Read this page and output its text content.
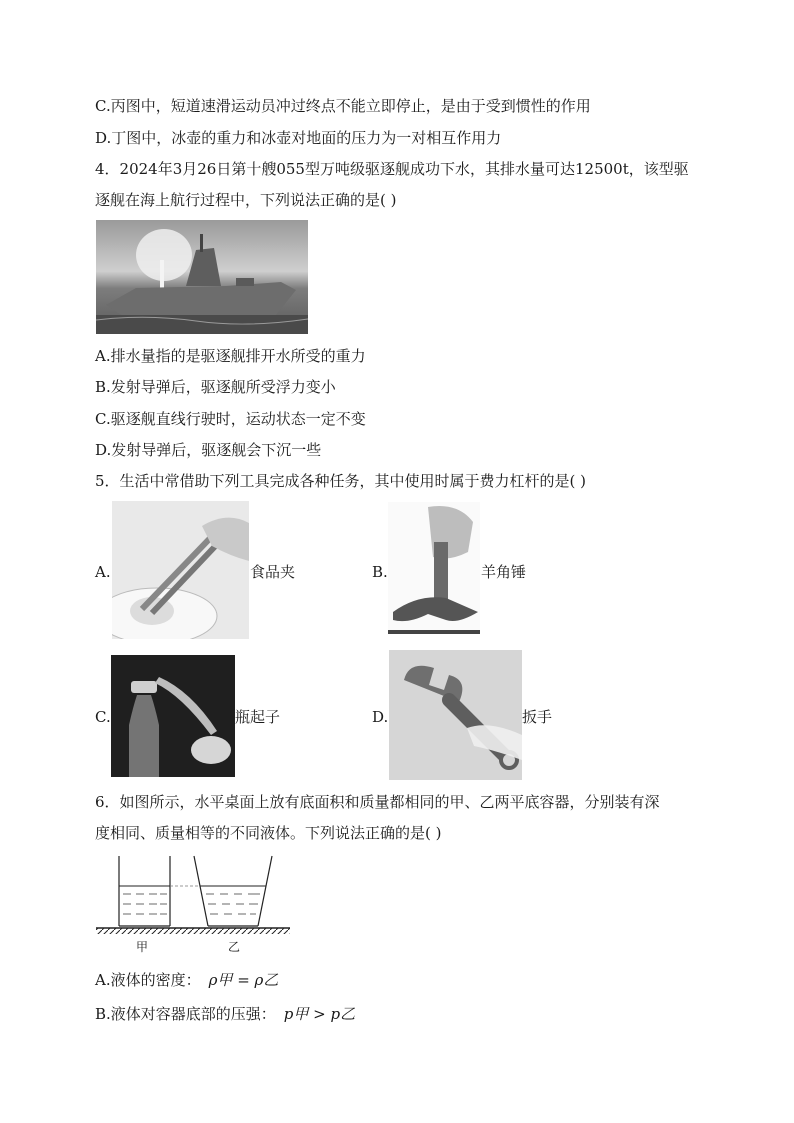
C.丙图中，短道速滑运动员冲过终点不能立即停止，是由于受到惯性的作用
D.丁图中，冰壶的重力和冰壶对地面的压力为一对相互作用力
4．2024年3月26日第十艘055型万吨级驱逐舰成功下水，其排水量可达12500t，该型驱
逐舰在海上航行过程中，下列说法正确的是( )
A.排水量指的是驱逐舰排开水所受的重力
B.发射导弹后，驱逐舰所受浮力变小
C.驱逐舰直线行驶时，运动状态一定不变
D.发射导弹后，驱逐舰会下沉一些
5．生活中常借助下列工具完成各种任务，其中使用时属于费力杠杆的是( )
A.	食品夹	B.	羊角锤
C.	瓶起子	D.	扳手
6．如图所示，水平桌面上放有底面积和质量都相同的甲、乙两平底容器，分别装有深
度相同、质量相等的不同液体。下列说法正确的是( )
甲	乙
A.液体的密度： ρ甲 = ρ乙
B.液体对容器底部的压强： p甲 > p乙
